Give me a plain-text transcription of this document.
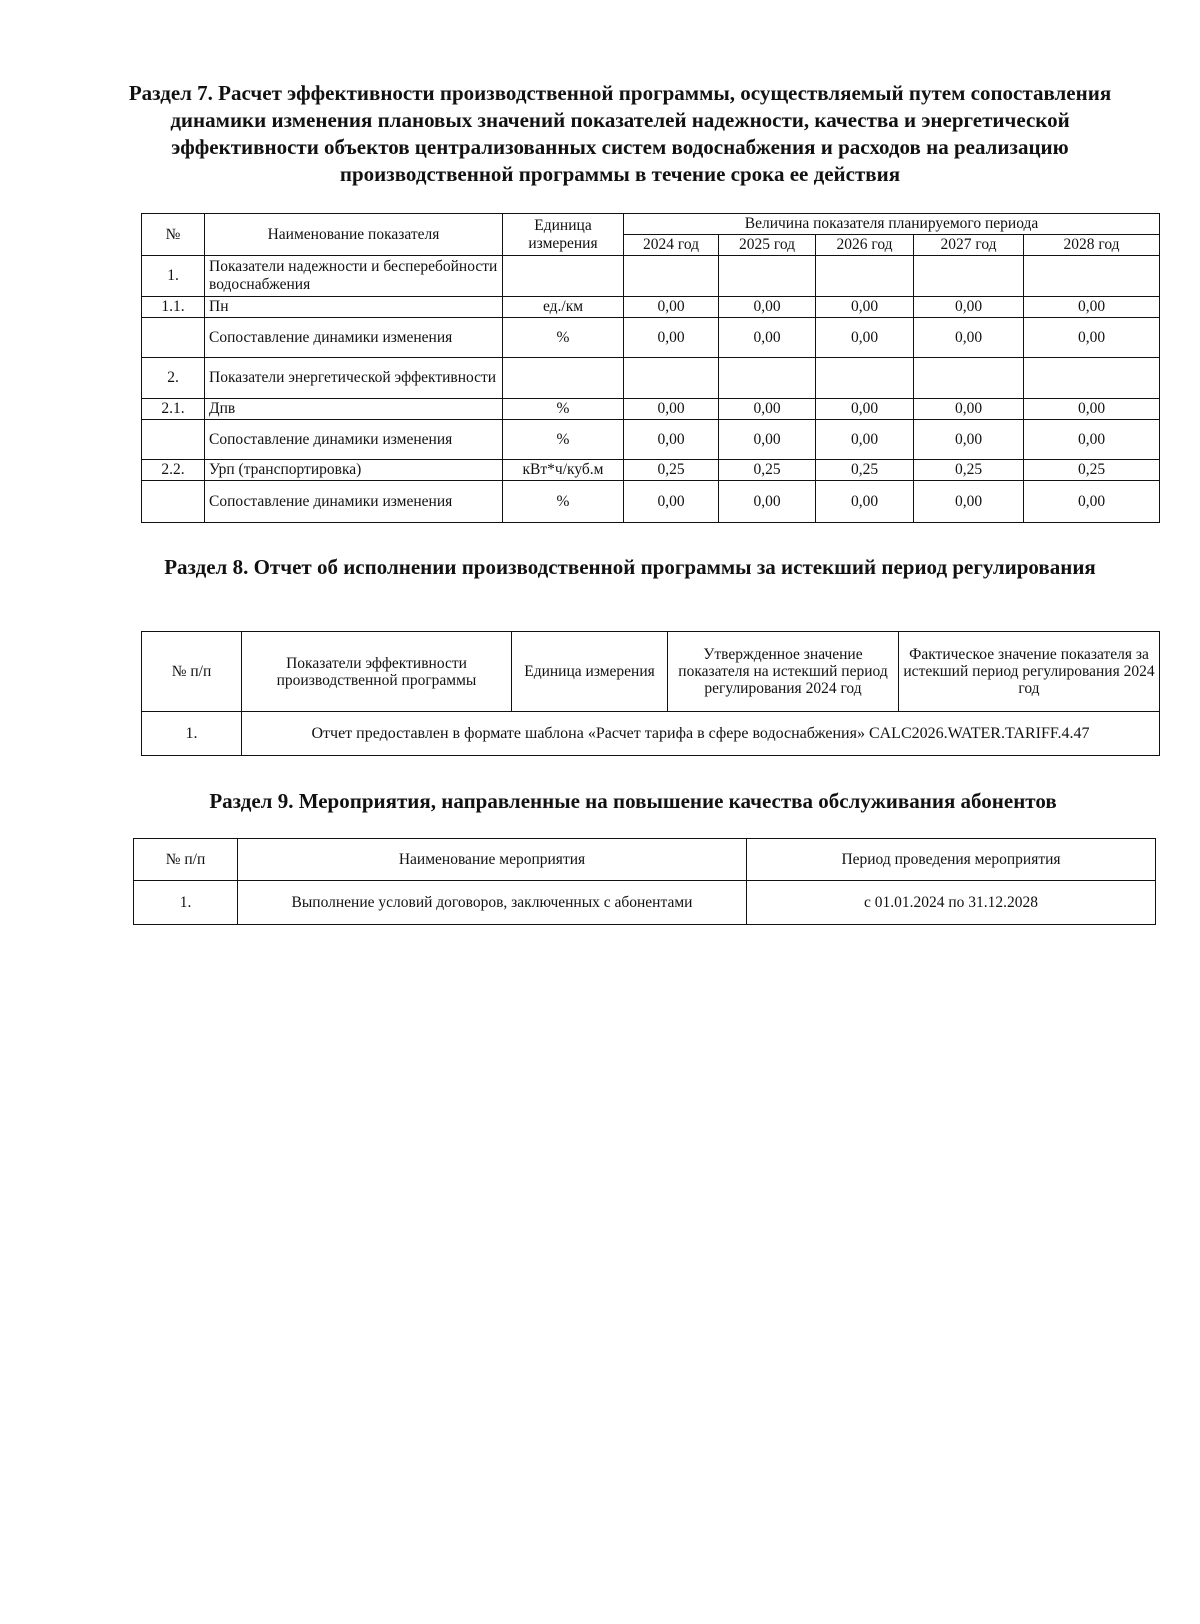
Раздел 7. Расчет эффективности производственной программы, осуществляемый путем сопоставления динамики изменения плановых значений показателей надежности, качества и энергетической эффективности объектов централизованных систем водоснабжения и расходов на реализацию производственной программы в течение срока ее действия
№	Наименование показателя	Единица измерения	Величина показателя планируемого периода				
			2024 год	2025 год	2026 год	2027 год	2028 год
1.	Показатели надежности и бесперебойности водоснабжения						
1.1.	Пн	ед./км	0,00	0,00	0,00	0,00	0,00
	Сопоставление динамики изменения	%	0,00	0,00	0,00	0,00	0,00
2.	Показатели энергетической эффективности						
2.1.	Дпв	%	0,00	0,00	0,00	0,00	0,00
	Сопоставление динамики изменения	%	0,00	0,00	0,00	0,00	0,00
2.2.	Урп (транспортировка)	кВт*ч/куб.м	0,25	0,25	0,25	0,25	0,25
	Сопоставление динамики изменения	%	0,00	0,00	0,00	0,00	0,00
Раздел 8. Отчет об исполнении производственной программы за истекший период регулирования
№ п/п	Показатели эффективности производственной программы	Единица измерения	Утвержденное значение показателя на истекший период регулирования 2024 год	Фактическое значение показателя за истекший период регулирования 2024 год
1.	Отчет предоставлен в формате шаблона «Расчет тарифа в сфере водоснабжения» CALC2026.WATER.TARIFF.4.47			
Раздел 9. Мероприятия, направленные на повышение качества обслуживания абонентов
№ п/п	Наименование мероприятия	Период проведения мероприятия
1.	Выполнение условий договоров, заключенных с абонентами	с 01.01.2024 по 31.12.2028
